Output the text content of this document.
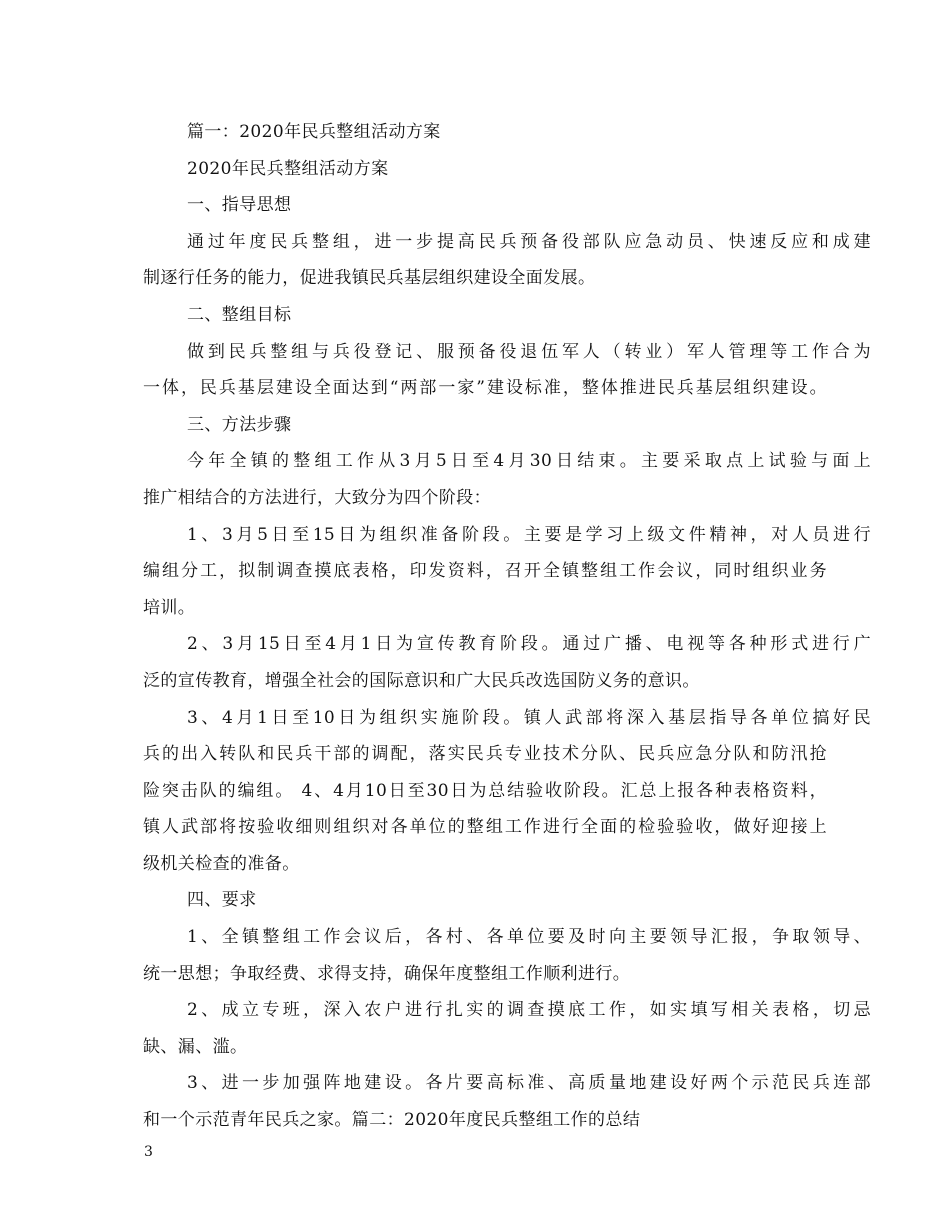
篇一：2020年民兵整组活动方案

2020年民兵整组活动方案

一、指导思想

通过年度民兵整组，进一步提高民兵预备役部队应急动员、快速反应和成建

制逐行任务的能力，促进我镇民兵基层组织建设全面发展。

二、整组目标

做到民兵整组与兵役登记、服预备役退伍军人（转业）军人管理等工作合为

一体，民兵基层建设全面达到“两部一家”建设标准，整体推进民兵基层组织建设。

三、方法步骤

今年全镇的整组工作从3月5日至4月30日结束。主要采取点上试验与面上

推广相结合的方法进行，大致分为四个阶段：

1、3月5日至15日为组织准备阶段。主要是学习上级文件精神，对人员进行

编组分工，拟制调查摸底表格，印发资料，召开全镇整组工作会议，同时组织业务

培训。

2、3月15日至4月1日为宣传教育阶段。通过广播、电视等各种形式进行广

泛的宣传教育，增强全社会的国际意识和广大民兵改选国防义务的意识。

3、4月1日至10日为组织实施阶段。镇人武部将深入基层指导各单位搞好民

兵的出入转队和民兵干部的调配，落实民兵专业技术分队、民兵应急分队和防汛抢

险突击队的编组。 4、4月10日至30日为总结验收阶段。汇总上报各种表格资料，

镇人武部将按验收细则组织对各单位的整组工作进行全面的检验验收，做好迎接上

级机关检查的准备。

四、要求

1、全镇整组工作会议后，各村、各单位要及时向主要领导汇报，争取领导、

统一思想；争取经费、求得支持，确保年度整组工作顺利进行。

2、成立专班，深入农户进行扎实的调查摸底工作，如实填写相关表格，切忌

缺、漏、滥。

3、进一步加强阵地建设。各片要高标准、高质量地建设好两个示范民兵连部

和一个示范青年民兵之家。篇二：2020年度民兵整组工作的总结

3
